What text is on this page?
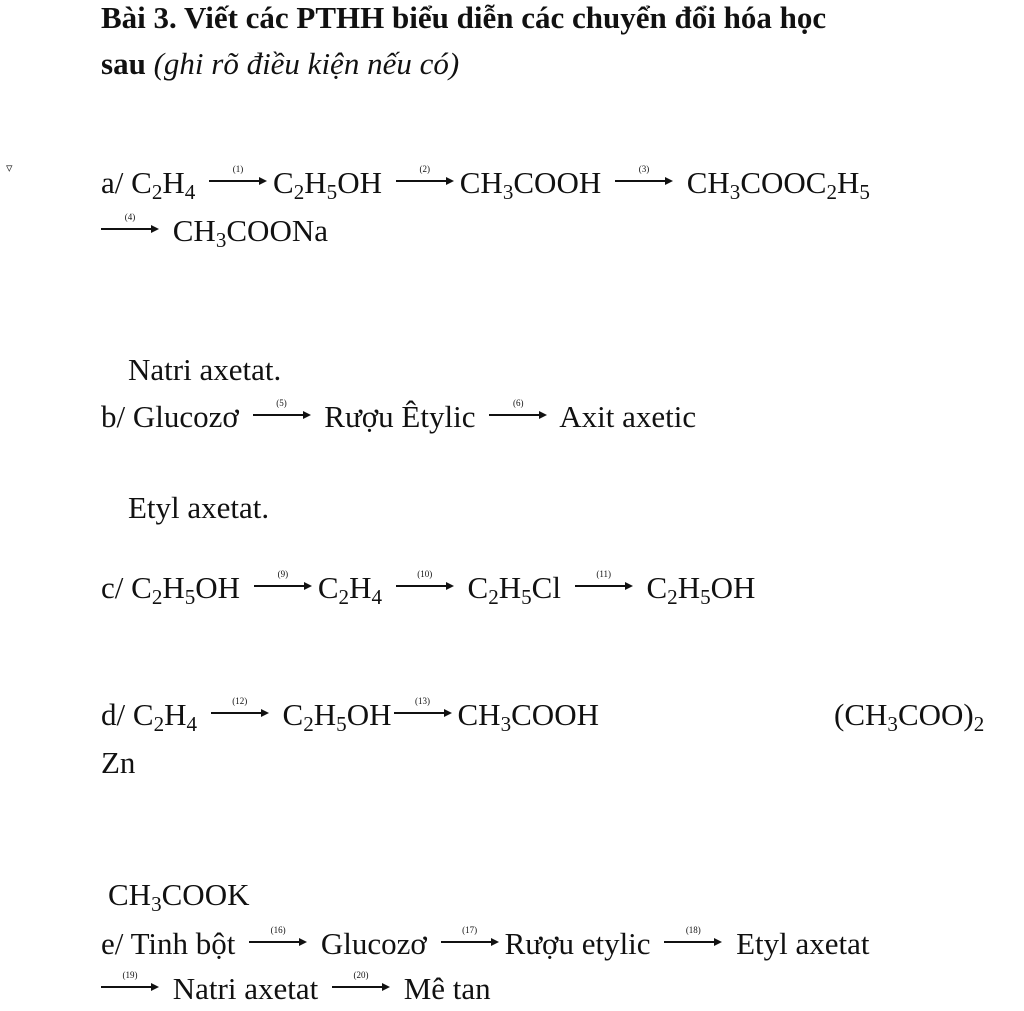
Bài 3. Viết các PTHH biểu diễn các chuyển đổi hóa học
sau (ghi rõ điều kiện nếu có)
▿	a/ $C_2H_4$
(1) $C_2H_5OH$	(2) $CH_3COOH$	(3)	$CH_3COOC_2H_5$
(4)	$CH_3COONa$
Natri axetat.
b/ Glucozơ	(5)	Rượu Êtylic	(6)	Axit axetic
Etyl axetat.
c/ $C_2H_5OH$	(9) $C_2H_4$
(10)	$C_2H_5Cl$	(11)	$C_2H_5OH$
d/ $C_2H_4$
(12)	$C_2H_5OH$	(13) $CH_3COOH$	$(CH_3COO)_2$
Zn
$CH_3COOK$
e/ Tinh bột	(16)	Glucozơ	(17) Rượu etylic	(18)	Etyl axetat
(19)	Natri axetat	(20)	Mê tan
